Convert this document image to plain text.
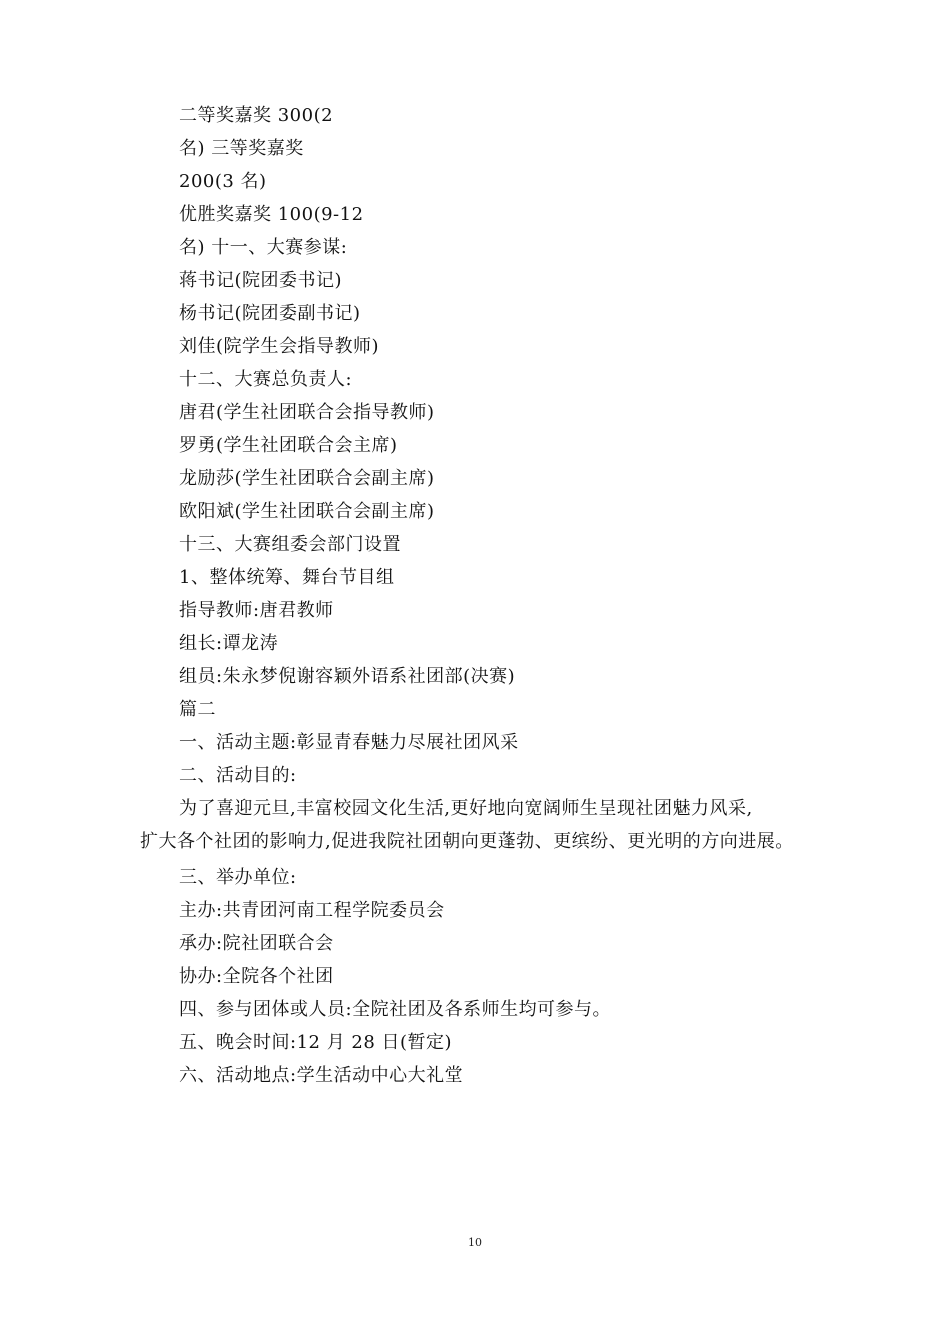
二等奖嘉奖 300(2
名) 三等奖嘉奖
200(3 名)
优胜奖嘉奖 100(9-12
名) 十一、大赛参谋:
蒋书记(院团委书记)
杨书记(院团委副书记)
刘佳(院学生会指导教师)
十二、大赛总负责人:
唐君(学生社团联合会指导教师)
罗勇(学生社团联合会主席)
龙励莎(学生社团联合会副主席)
欧阳斌(学生社团联合会副主席)
十三、大赛组委会部门设置
1、整体统筹、舞台节目组
指导教师:唐君教师
组长:谭龙涛
组员:朱永梦倪谢容颖外语系社团部(决赛)
篇二
一、活动主题:彰显青春魅力尽展社团风采
二、活动目的:
为了喜迎元旦,丰富校园文化生活,更好地向宽阔师生呈现社团魅力风采,
扩大各个社团的影响力,促进我院社团朝向更蓬勃、更缤纷、更光明的方向进展。
三、举办单位:
主办:共青团河南工程学院委员会
承办:院社团联合会
协办:全院各个社团
四、参与团体或人员:全院社团及各系师生均可参与。
五、晚会时间:12 月 28 日(暂定)
六、活动地点:学生活动中心大礼堂
10
